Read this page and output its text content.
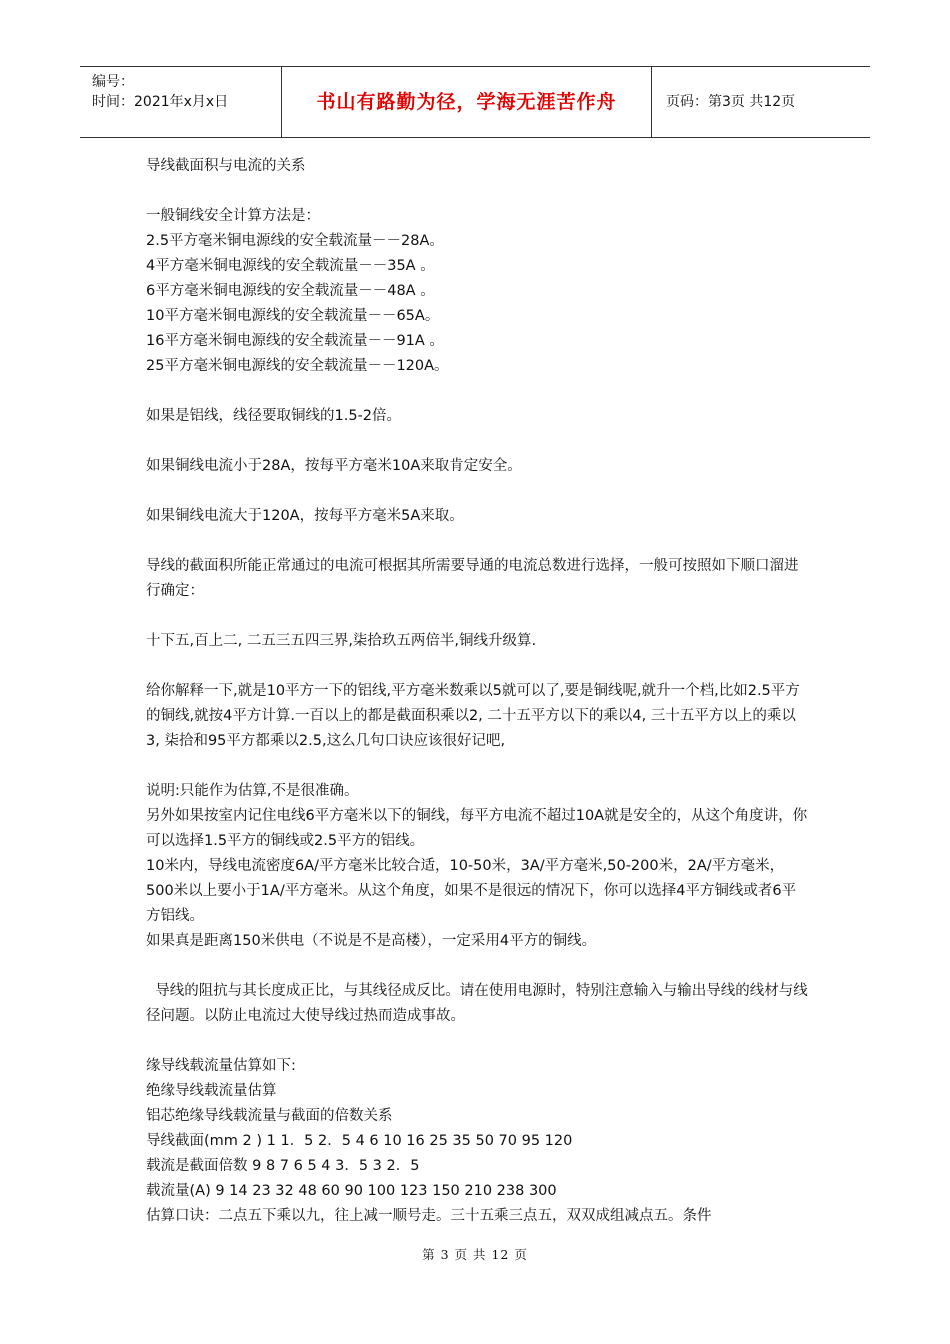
编号：
时间：2021年x月x日	书山有路勤为径，学海无涯苦作舟	页码：第3页 共12页

导线截面积与电流的关系

一般铜线安全计算方法是：

2.5平方毫米铜电源线的安全载流量－－28A。

4平方毫米铜电源线的安全载流量－－35A 。

6平方毫米铜电源线的安全载流量－－48A 。

10平方毫米铜电源线的安全载流量－－65A。

16平方毫米铜电源线的安全载流量－－91A 。

25平方毫米铜电源线的安全载流量－－120A。

如果是铝线，线径要取铜线的1.5-2倍。

如果铜线电流小于28A，按每平方毫米10A来取肯定安全。

如果铜线电流大于120A，按每平方毫米5A来取。

导线的截面积所能正常通过的电流可根据其所需要导通的电流总数进行选择，一般可按照如下顺口溜进行确定：

十下五,百上二, 二五三五四三界,柒拾玖五两倍半,铜线升级算.

给你解释一下,就是10平方一下的铝线,平方毫米数乘以5就可以了,要是铜线呢,就升一个档,比如2.5平方的铜线,就按4平方计算.一百以上的都是截面积乘以2, 二十五平方以下的乘以4, 三十五平方以上的乘以3, 柒拾和95平方都乘以2.5,这么几句口诀应该很好记吧,

说明:只能作为估算,不是很准确。

另外如果按室内记住电线6平方毫米以下的铜线，每平方电流不超过10A就是安全的，从这个角度讲，你可以选择1.5平方的铜线或2.5平方的铝线。

10米内，导线电流密度6A/平方毫米比较合适，10-50米，3A/平方毫米,50-200米，2A/平方毫米，500米以上要小于1A/平方毫米。从这个角度，如果不是很远的情况下，你可以选择4平方铜线或者6平方铝线。

如果真是距离150米供电（不说是不是高楼），一定采用4平方的铜线。

导线的阻抗与其长度成正比，与其线径成反比。请在使用电源时，特别注意输入与输出导线的线材与线径问题。以防止电流过大使导线过热而造成事故。

缘导线载流量估算如下:

绝缘导线载流量估算

铝芯绝缘导线载流量与截面的倍数关系

导线截面(mm 2 ) 1 1．5 2．5 4 6 10 16 25 35 50 70 95 120

载流是截面倍数 9 8 7 6 5 4 3．5 3 2．5

载流量(A) 9 14 23 32 48 60 90 100 123 150 210 238 300

估算口诀：二点五下乘以九，往上减一顺号走。三十五乘三点五，双双成组减点五。条件

第 3 页 共 12 页
